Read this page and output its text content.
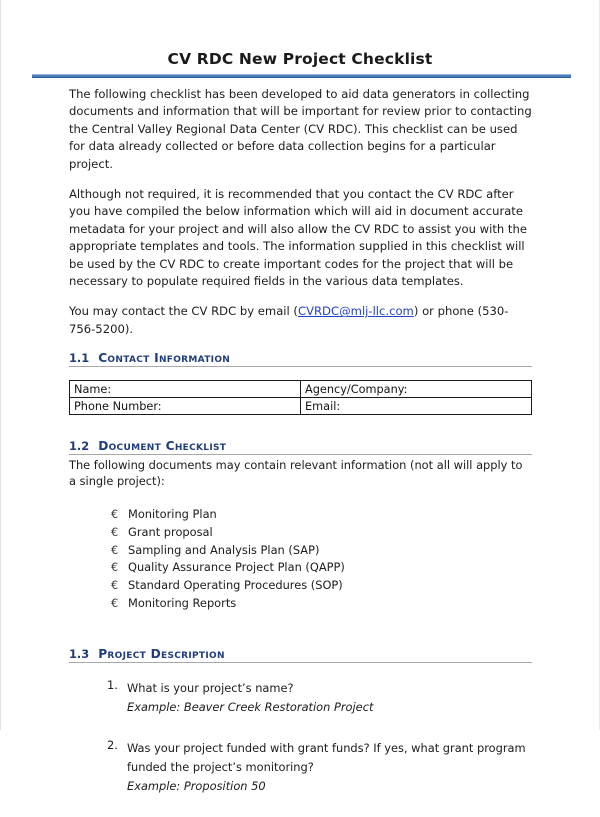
CV RDC New Project Checklist

The following checklist has been developed to aid data generators in collecting documents and information that will be important for review prior to contacting the Central Valley Regional Data Center (CV RDC). This checklist can be used for data already collected or before data collection begins for a particular project.

Although not required, it is recommended that you contact the CV RDC after you have compiled the below information which will aid in document accurate metadata for your project and will also allow the CV RDC to assist you with the appropriate templates and tools. The information supplied in this checklist will be used by the CV RDC to create important codes for the project that will be necessary to populate required fields in the various data templates.

You may contact the CV RDC by email (CVRDC@mlj-llc.com) or phone (530-756-5200).

1.1 Contact Information
Name:	Agency/Company:
Phone Number:	Email:
1.2 Document Checklist

The following documents may contain relevant information (not all will apply to a single project):

€ Monitoring Plan
€ Grant proposal
€ Sampling and Analysis Plan (SAP)
€ Quality Assurance Project Plan (QAPP)
€ Standard Operating Procedures (SOP)
€ Monitoring Reports
1.3 Project Description
1. What is your project’s name?
Example: Beaver Creek Restoration Project
2. Was your project funded with grant funds? If yes, what grant program funded the project’s monitoring?
Example: Proposition 50
